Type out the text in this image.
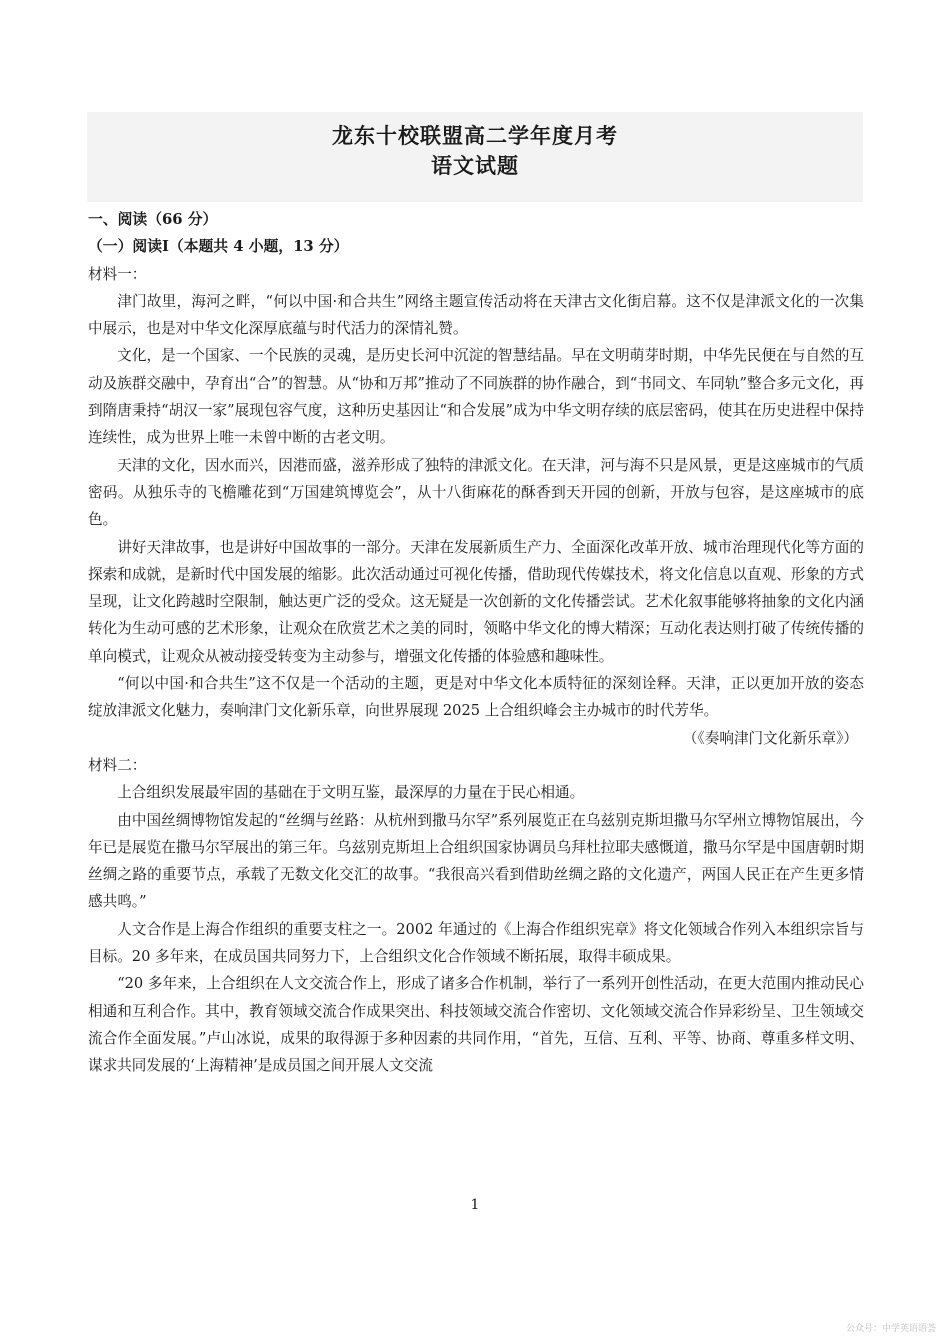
龙东十校联盟高二学年度月考
语文试题

一、阅读（66 分）

（一）阅读Ⅰ（本题共 4 小题，13 分）

材料一：

津门故里，海河之畔，“何以中国·和合共生”网络主题宣传活动将在天津古文化街启幕。这不仅是津派文化的一次集中展示，也是对中华文化深厚底蕴与时代活力的深情礼赞。

文化，是一个国家、一个民族的灵魂，是历史长河中沉淀的智慧结晶。早在文明萌芽时期，中华先民便在与自然的互动及族群交融中，孕育出“合”的智慧。从“协和万邦”推动了不同族群的协作融合，到“书同文、车同轨”整合多元文化，再到隋唐秉持“胡汉一家”展现包容气度，这种历史基因让“和合发展”成为中华文明存续的底层密码，使其在历史进程中保持连续性，成为世界上唯一未曾中断的古老文明。

天津的文化，因水而兴，因港而盛，滋养形成了独特的津派文化。在天津，河与海不只是风景，更是这座城市的气质密码。从独乐寺的飞檐雕花到“万国建筑博览会”，从十八街麻花的酥香到天开园的创新，开放与包容，是这座城市的底色。

讲好天津故事，也是讲好中国故事的一部分。天津在发展新质生产力、全面深化改革开放、城市治理现代化等方面的探索和成就，是新时代中国发展的缩影。此次活动通过可视化传播，借助现代传媒技术，将文化信息以直观、形象的方式呈现，让文化跨越时空限制，触达更广泛的受众。这无疑是一次创新的文化传播尝试。艺术化叙事能够将抽象的文化内涵转化为生动可感的艺术形象，让观众在欣赏艺术之美的同时，领略中华文化的博大精深；互动化表达则打破了传统传播的单向模式，让观众从被动接受转变为主动参与，增强文化传播的体验感和趣味性。

“何以中国·和合共生”这不仅是一个活动的主题，更是对中华文化本质特征的深刻诠释。天津，正以更加开放的姿态绽放津派文化魅力，奏响津门文化新乐章，向世界展现 2025 上合组织峰会主办城市的时代芳华。

（《奏响津门文化新乐章》）

材料二：

上合组织发展最牢固的基础在于文明互鉴，最深厚的力量在于民心相通。

由中国丝绸博物馆发起的“丝绸与丝路：从杭州到撒马尔罕”系列展览正在乌兹别克斯坦撒马尔罕州立博物馆展出，今年已是展览在撒马尔罕展出的第三年。乌兹别克斯坦上合组织国家协调员乌拜杜拉耶夫感慨道，撒马尔罕是中国唐朝时期丝绸之路的重要节点，承载了无数文化交汇的故事。“我很高兴看到借助丝绸之路的文化遗产，两国人民正在产生更多情感共鸣。”

人文合作是上海合作组织的重要支柱之一。2002 年通过的《上海合作组织宪章》将文化领域合作列入本组织宗旨与目标。20 多年来，在成员国共同努力下，上合组织文化合作领域不断拓展，取得丰硕成果。

“20 多年来，上合组织在人文交流合作上，形成了诸多合作机制，举行了一系列开创性活动，在更大范围内推动民心相通和互利合作。其中，教育领域交流合作成果突出、科技领域交流合作密切、文化领域交流合作异彩纷呈、卫生领域交流合作全面发展。”卢山冰说，成果的取得源于多种因素的共同作用，“首先，互信、互利、平等、协商、尊重多样文明、谋求共同发展的‘上海精神’是成员国之间开展人文交流

1
公众号：中学英语语荟
